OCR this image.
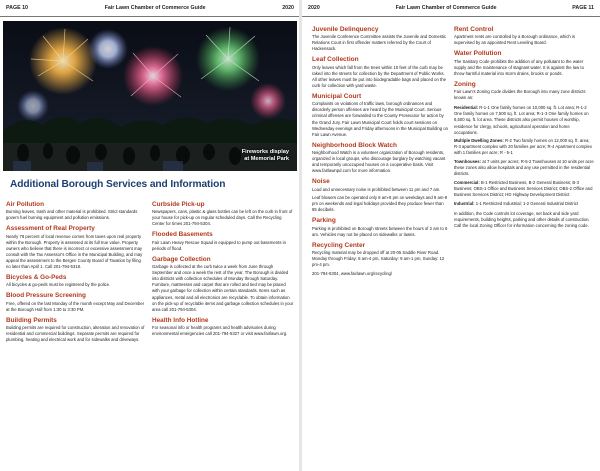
PAGE 10	Fair Lawn Chamber of Commerce Guide	2020
Fireworks display
at Memorial Park
Additional Borough Services and Information
Air Pollution

Burning leaves, trash and other material is prohibited. Strict standards govern fuel burning equipment and pollution emissions.

Assessment of Real Property

Nearly 78 percent of local revenue comes from taxes upon real property within the Borough. Property is assessed at its full true value. Property owners who believe that there is incorrect or excessive assessment may consult with the Tax Assessor's Office in the Municipal Building, and may appeal the assessment to the Bergen County Board of Taxation by filing no later than April 1. Call 201-794-5318.

Bicycles & Go-Peds

All bicycles & go-peds must be registered by the police.

Blood Pressure Screening

Free, offered on the last Monday of the month except May and December at the Borough Hall from 1:30 to 3:30 PM.

Building Permits

Building permits are required for construction, alteration and renovation of residential and commercial buildings. Separate permits are required for plumbing, heating and electrical work and for sidewalks and driveways.

Curbside Pick-up

Newspapers, cans, plastic & glass bottles can be left on the curb in front of your house for pick-up on regular scheduled days. Call the Recycling Center for times 201-794-5304.

Flooded Basements

Fair Lawn Heavy Rescue Squad is equipped to pump out basements in periods of flood.

Garbage Collection

Garbage is collected at the curb twice a week from June through September and once a week the rest of the year. The Borough is divided into districts with collection schedules of Monday through Saturday. Furniture, mattresses and carpet that are rolled and tied may be placed with your garbage for collection within certain standards. Items such as appliances, metal and all electronics are recyclable. To obtain information on the pick-up of recyclable items and garbage collection schedules in your area call 201-794-5304.

Health Info Hotline

For seasonal info or health programs and health advisories during environmental emergencies call 201-794-5327 or visit www.fairlawn.org.

2020	Fair Lawn Chamber of Commerce Guide	PAGE 11
Juvenile Delinquency

The Juvenile Conference Committee assists the Juvenile and Domestic Relations Court in first offender matters referred by the Court of Hackensack.

Leaf Collection

Only leaves which fall from the trees within 10 feet of the curb may be raked into the streets for collection by the Department of Public Works. All other leaves must be put into biodegradable bags and placed on the curb for collection with yard waste.

Municipal Court

Complaints on violations of traffic laws, borough ordinances and disorderly person offenses are heard by the Municipal Court. Serious criminal offenses are forwarded to the County Prosecutor for action by the Grand Jury. Fair Lawn Municipal Court holds court sessions on Wednesday evenings and Friday afternoons in the Municipal Building on Fair Lawn Avenue.

Neighborhood Block Watch

Neighborhood Watch is a volunteer organization of Borough residents, organized in local groups, who discourage burglary by watching vacant and temporarily unoccupied houses on a cooperative basis. Visit www.fairlawnpd.com for more information.

Noise

Loud and unnecessary noise is prohibited between 11 pm and 7 am.

Leaf blowers can be operated only 8 am-8 pm on weekdays and 9 am-9 pm on weekends and legal holidays provided they produce fewer than 85 decibels.

Parking

Parking is prohibited on Borough streets between the hours of 2 am to 6 am. Vehicles may not be placed on sidewalks or lawns.

Recycling Center

Recycling material may be dropped off at 20-05 Saddle River Road. Monday through Friday: 8 am-4 pm, Saturday: 9 am-1 pm, Sunday: 12 pm-4 pm.

201-794-5304, www.fairlawn.org/recycling/

Rent Control

Apartment rents are controlled by a Borough ordinance, which is supervised by an appointed Rent Leveling Board.

Water Pollution

The Sanitary Code prohibits the addition of any pollutant to the water supply and the maintenance of stagnant water. It is against the law to throw harmful material into storm drains, brooks or ponds.

Zoning

Fair Lawn's Zoning Code divides the Borough into many zone districts known as:

Residential: R-1-1 One family homes on 10,000 sq. ft. Lot area; R-1-2 One family homes on 7,500 sq. ft. Lot area; R-1-3 One family homes on 6,500 sq. ft. lot area. These districts also permit houses of worship, residence for clergy, schools, agricultural operation and home occupations.

Multiple Dwelling Zones: R-2 Two family homes on 12,000 sq. ft. area; R-3 apartment complex with 20 families per acre; R-4 Apartment complex with 1 families per acre; R - 5-1

Townhouses: at 7 units per acres; R-5-2 Townhouses at 10 units per acre these zones also allow hospitals and any use permitted in the residential districts.

Commercial: B-1 Restricted Business, B-2 General Business; B-3 Business; OBS-1 Office and Business Services District; OBS-2 Office and Business Services District; HD Highway Development District

Industrial: 1-1 Restricted Industrial; 1-2 General Industrial District

In addition, the Code controls lot coverage, set back and side yard requirements, building heights, parking and other details of construction. Call the local Zoning Officer for information concerning the zoning code.
